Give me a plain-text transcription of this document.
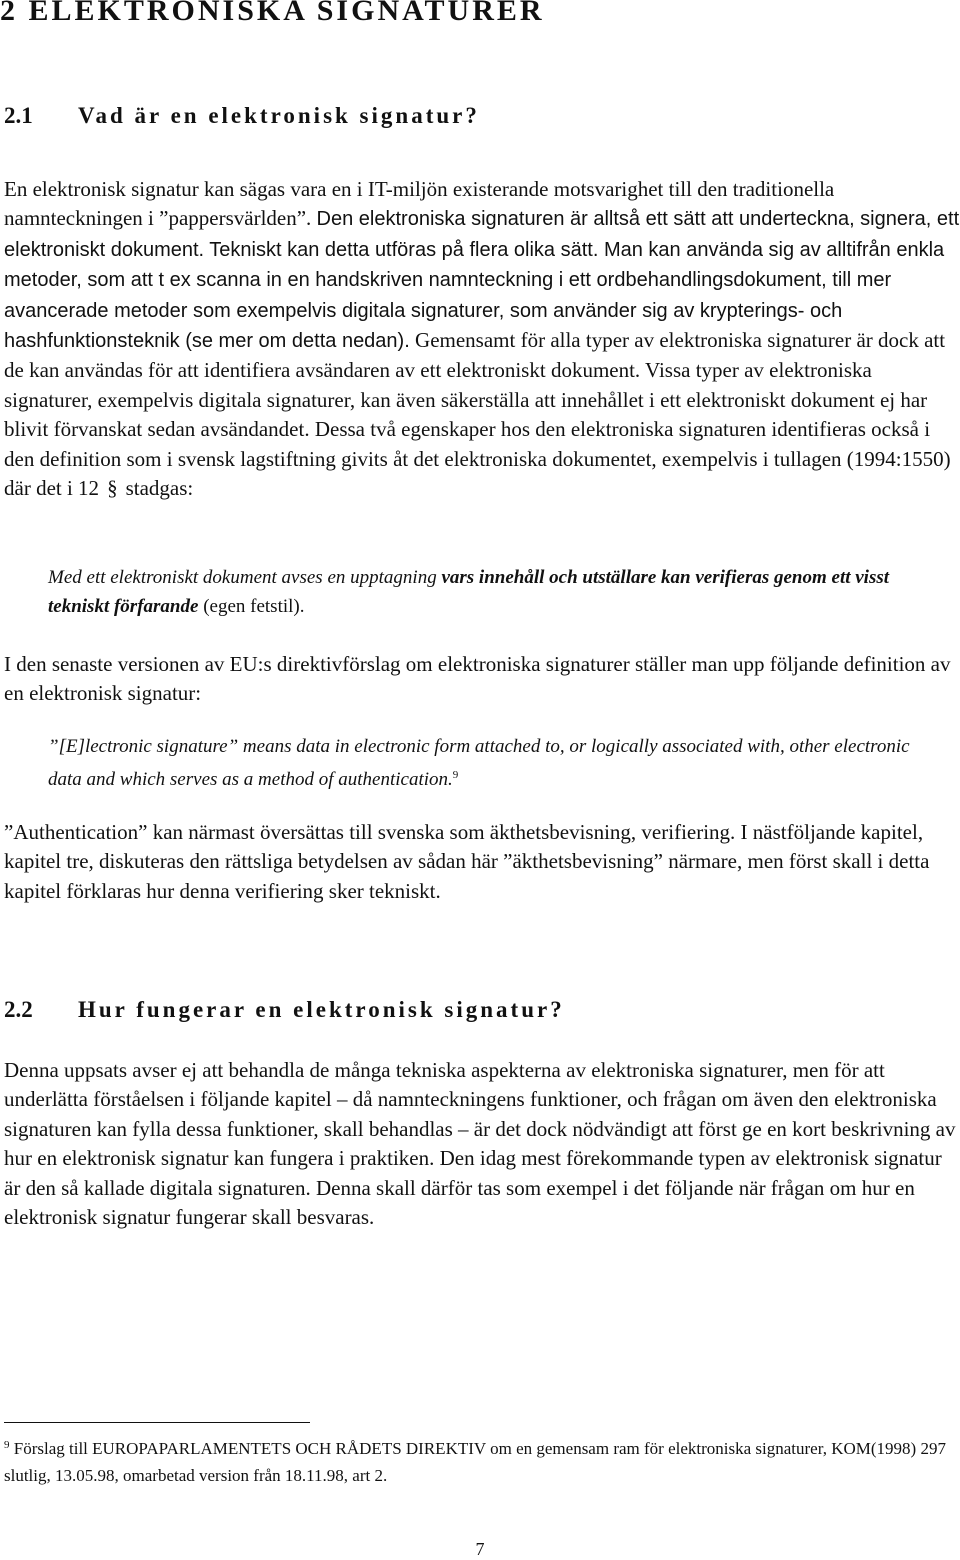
2 ELEKTRONISKA SIGNATURER
2.1 Vad är en elektronisk signatur?

En elektronisk signatur kan sägas vara en i IT-miljön existerande motsvarighet till den traditionella namnteckningen i ”pappersvärlden”. Den elektroniska signaturen är alltså ett sätt att underteckna, signera, ett elektroniskt dokument. Tekniskt kan detta utföras på flera olika sätt. Man kan använda sig av alltifrån enkla metoder, som att t ex scanna in en handskriven namnteckning i ett ordbehandlingsdokument, till mer avancerade metoder som exempelvis digitala signaturer, som använder sig av krypterings- och hashfunktionsteknik (se mer om detta nedan). Gemensamt för alla typer av elektroniska signaturer är dock att de kan användas för att identifiera avsändaren av ett elektroniskt dokument. Vissa typer av elektroniska signaturer, exempelvis digitala signaturer, kan även säkerställa att innehållet i ett elektroniskt dokument ej har blivit förvanskat sedan avsändandet. Dessa två egenskaper hos den elektroniska signaturen identifieras också i den definition som i svensk lagstiftning givits åt det elektroniska dokumentet, exempelvis i tullagen (1994:1550) där det i 12 § stadgas:

Med ett elektroniskt dokument avses en upptagning vars innehåll och utställare kan verifieras genom ett visst tekniskt förfarande (egen fetstil).

I den senaste versionen av EU:s direktivförslag om elektroniska signaturer ställer man upp följande definition av en elektronisk signatur:

”[E]lectronic signature” means data in electronic form attached to, or logically associated with, other electronic data and which serves as a method of authentication.$^9$

”Authentication” kan närmast översättas till svenska som äkthetsbevisning, verifiering. I nästföljande kapitel, kapitel tre, diskuteras den rättsliga betydelsen av sådan här ”äkthetsbevisning” närmare, men först skall i detta kapitel förklaras hur denna verifiering sker tekniskt.

2.2 Hur fungerar en elektronisk signatur?

Denna uppsats avser ej att behandla de många tekniska aspekterna av elektroniska signaturer, men för att underlätta förståelsen i följande kapitel – då namnteckningens funktioner, och frågan om även den elektroniska signaturen kan fylla dessa funktioner, skall behandlas – är det dock nödvändigt att först ge en kort beskrivning av hur en elektronisk signatur kan fungera i praktiken. Den idag mest förekommande typen av elektronisk signatur är den så kallade digitala signaturen. Denna skall därför tas som exempel i det följande när frågan om hur en elektronisk signatur fungerar skall besvaras.

$^9$ Förslag till EUROPAPARLAMENTETS OCH RÅDETS DIREKTIV om en gemensam ram för elektroniska signaturer, KOM(1998) 297 slutlig, 13.05.98, omarbetad version från 18.11.98, art 2.

7
